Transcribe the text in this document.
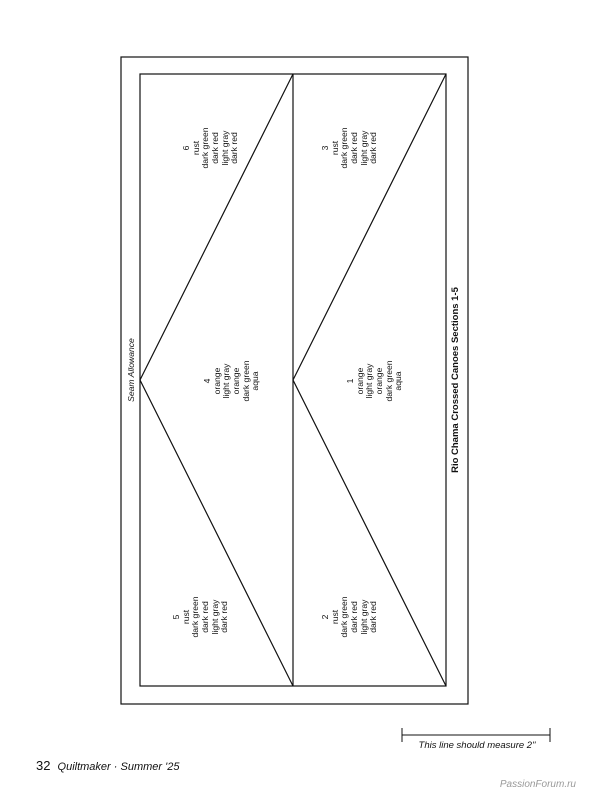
Seam Allowance
6 rust dark green dark red light gray dark red
4 orange light gray orange dark green aqua
5 rust dark green dark red light gray dark red
3 rust dark green dark red light gray dark red
1 orange light gray orange dark green aqua
2 rust dark green dark red light gray dark red
Rio Chama Crossed Canoes Sections 1-5
This line should measure 2"
32 Quiltmaker · Summer '25
PassionForum.ru
